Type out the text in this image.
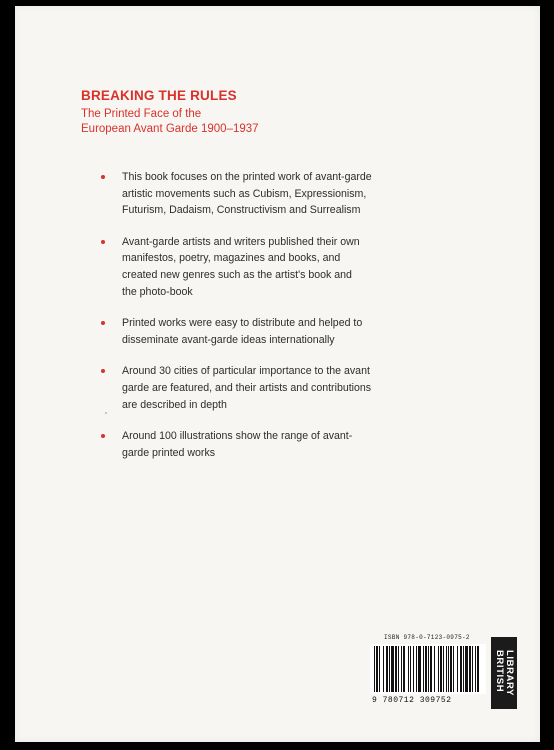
BREAKING THE RULES
The Printed Face of the
European Avant Garde 1900–1937
This book focuses on the printed work of avant-garde artistic movements such as Cubism, Expressionism, Futurism, Dadaism, Constructivism and Surrealism
Avant-garde artists and writers published their own manifestos, poetry, magazines and books, and created new genres such as the artist's book and the photo-book
Printed works were easy to distribute and helped to disseminate avant-garde ideas internationally
Around 30 cities of particular importance to the avant garde are featured, and their artists and contributions are described in depth
Around 100 illustrations show the range of avant-garde printed works
ISBN 978-0-7123-0975-2
9 780712 309752
LIBRARY
BRITISH
